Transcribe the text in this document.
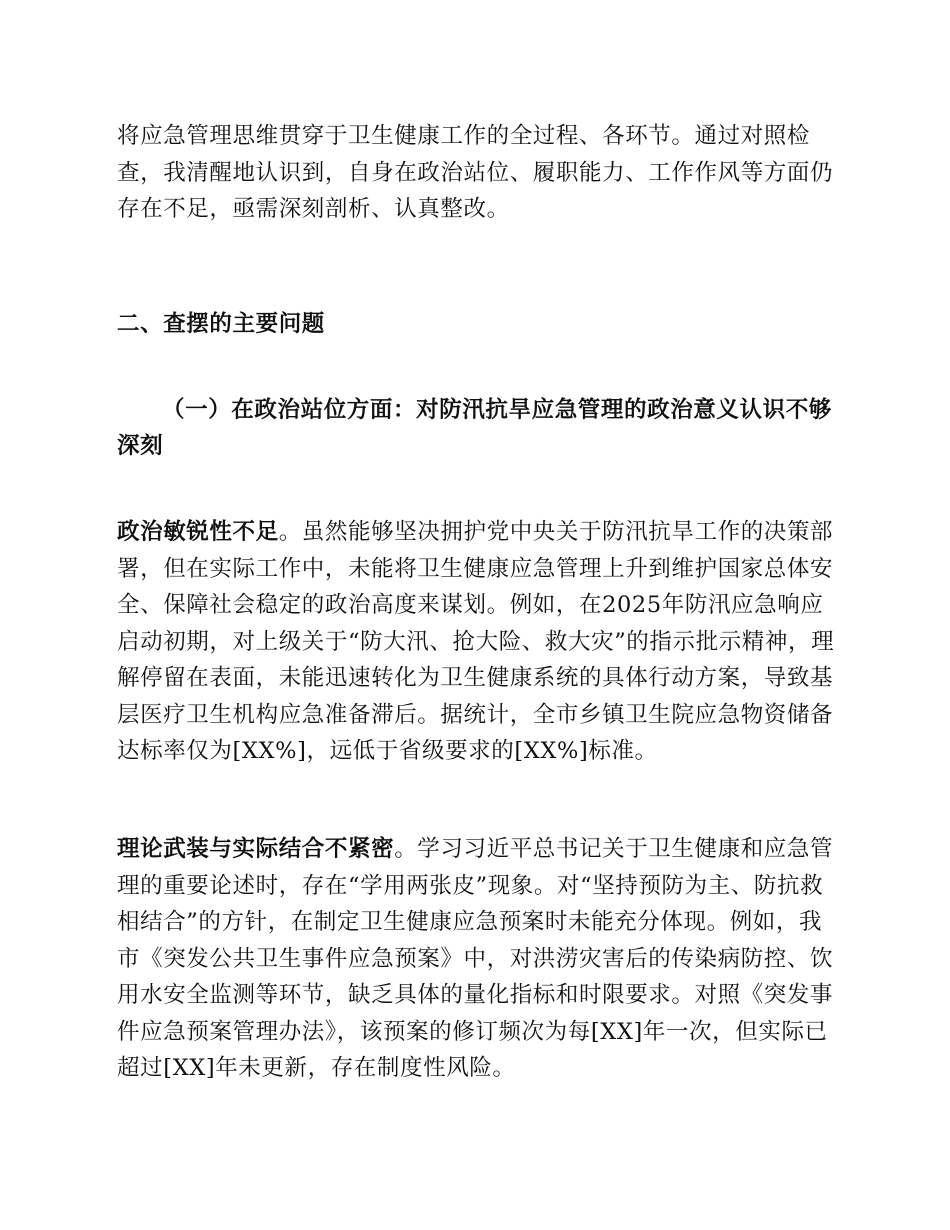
将应急管理思维贯穿于卫生健康工作的全过程、各环节。通过对照检查，我清醒地认识到，自身在政治站位、履职能力、工作作风等方面仍存在不足，亟需深刻剖析、认真整改。

二、查摆的主要问题
（一）在政治站位方面：对防汛抗旱应急管理的政治意义认识不够深刻

政治敏锐性不足。虽然能够坚决拥护党中央关于防汛抗旱工作的决策部署，但在实际工作中，未能将卫生健康应急管理上升到维护国家总体安全、保障社会稳定的政治高度来谋划。例如，在2025年防汛应急响应启动初期，对上级关于“防大汛、抢大险、救大灾”的指示批示精神，理解停留在表面，未能迅速转化为卫生健康系统的具体行动方案，导致基层医疗卫生机构应急准备滞后。据统计，全市乡镇卫生院应急物资储备达标率仅为[XX%]，远低于省级要求的[XX%]标准。

理论武装与实际结合不紧密。学习习近平总书记关于卫生健康和应急管理的重要论述时，存在“学用两张皮”现象。对“坚持预防为主、防抗救相结合”的方针，在制定卫生健康应急预案时未能充分体现。例如，我市《突发公共卫生事件应急预案》中，对洪涝灾害后的传染病防控、饮用水安全监测等环节，缺乏具体的量化指标和时限要求。对照《突发事件应急预案管理办法》，该预案的修订频次为每[XX]年一次，但实际已超过[XX]年未更新，存在制度性风险。
